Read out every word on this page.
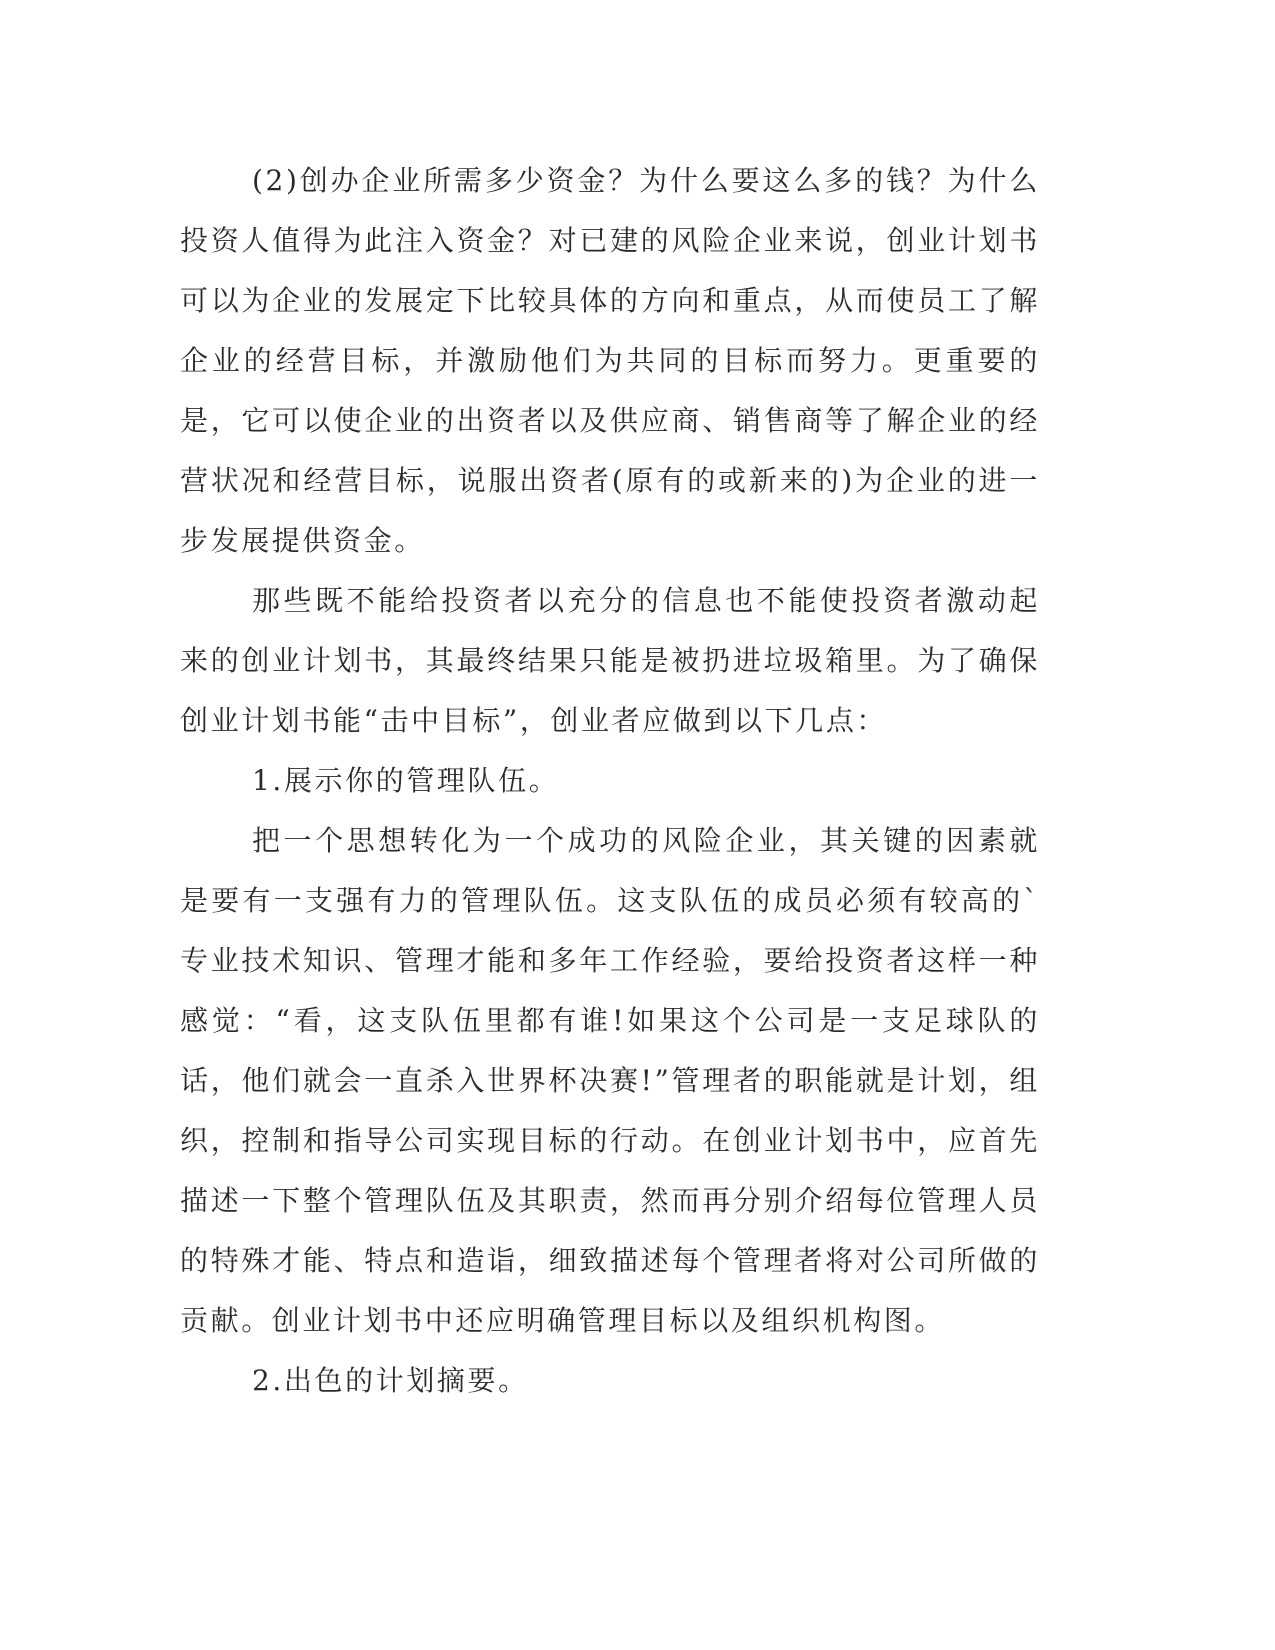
(2)创办企业所需多少资金？为什么要这么多的钱？为什么投资人值得为此注入资金？对已建的风险企业来说，创业计划书可以为企业的发展定下比较具体的方向和重点，从而使员工了解企业的经营目标，并激励他们为共同的目标而努力。更重要的是，它可以使企业的出资者以及供应商、销售商等了解企业的经营状况和经营目标，说服出资者(原有的或新来的)为企业的进一步发展提供资金。

那些既不能给投资者以充分的信息也不能使投资者激动起来的创业计划书，其最终结果只能是被扔进垃圾箱里。为了确保创业计划书能“击中目标”，创业者应做到以下几点：

1.展示你的管理队伍。

把一个思想转化为一个成功的风险企业，其关键的因素就是要有一支强有力的管理队伍。这支队伍的成员必须有较高的`专业技术知识、管理才能和多年工作经验，要给投资者这样一种感觉：“看，这支队伍里都有谁!如果这个公司是一支足球队的话，他们就会一直杀入世界杯决赛!”管理者的职能就是计划，组织，控制和指导公司实现目标的行动。在创业计划书中，应首先描述一下整个管理队伍及其职责，然而再分别介绍每位管理人员的特殊才能、特点和造诣，细致描述每个管理者将对公司所做的贡献。创业计划书中还应明确管理目标以及组织机构图。

2.出色的计划摘要。
